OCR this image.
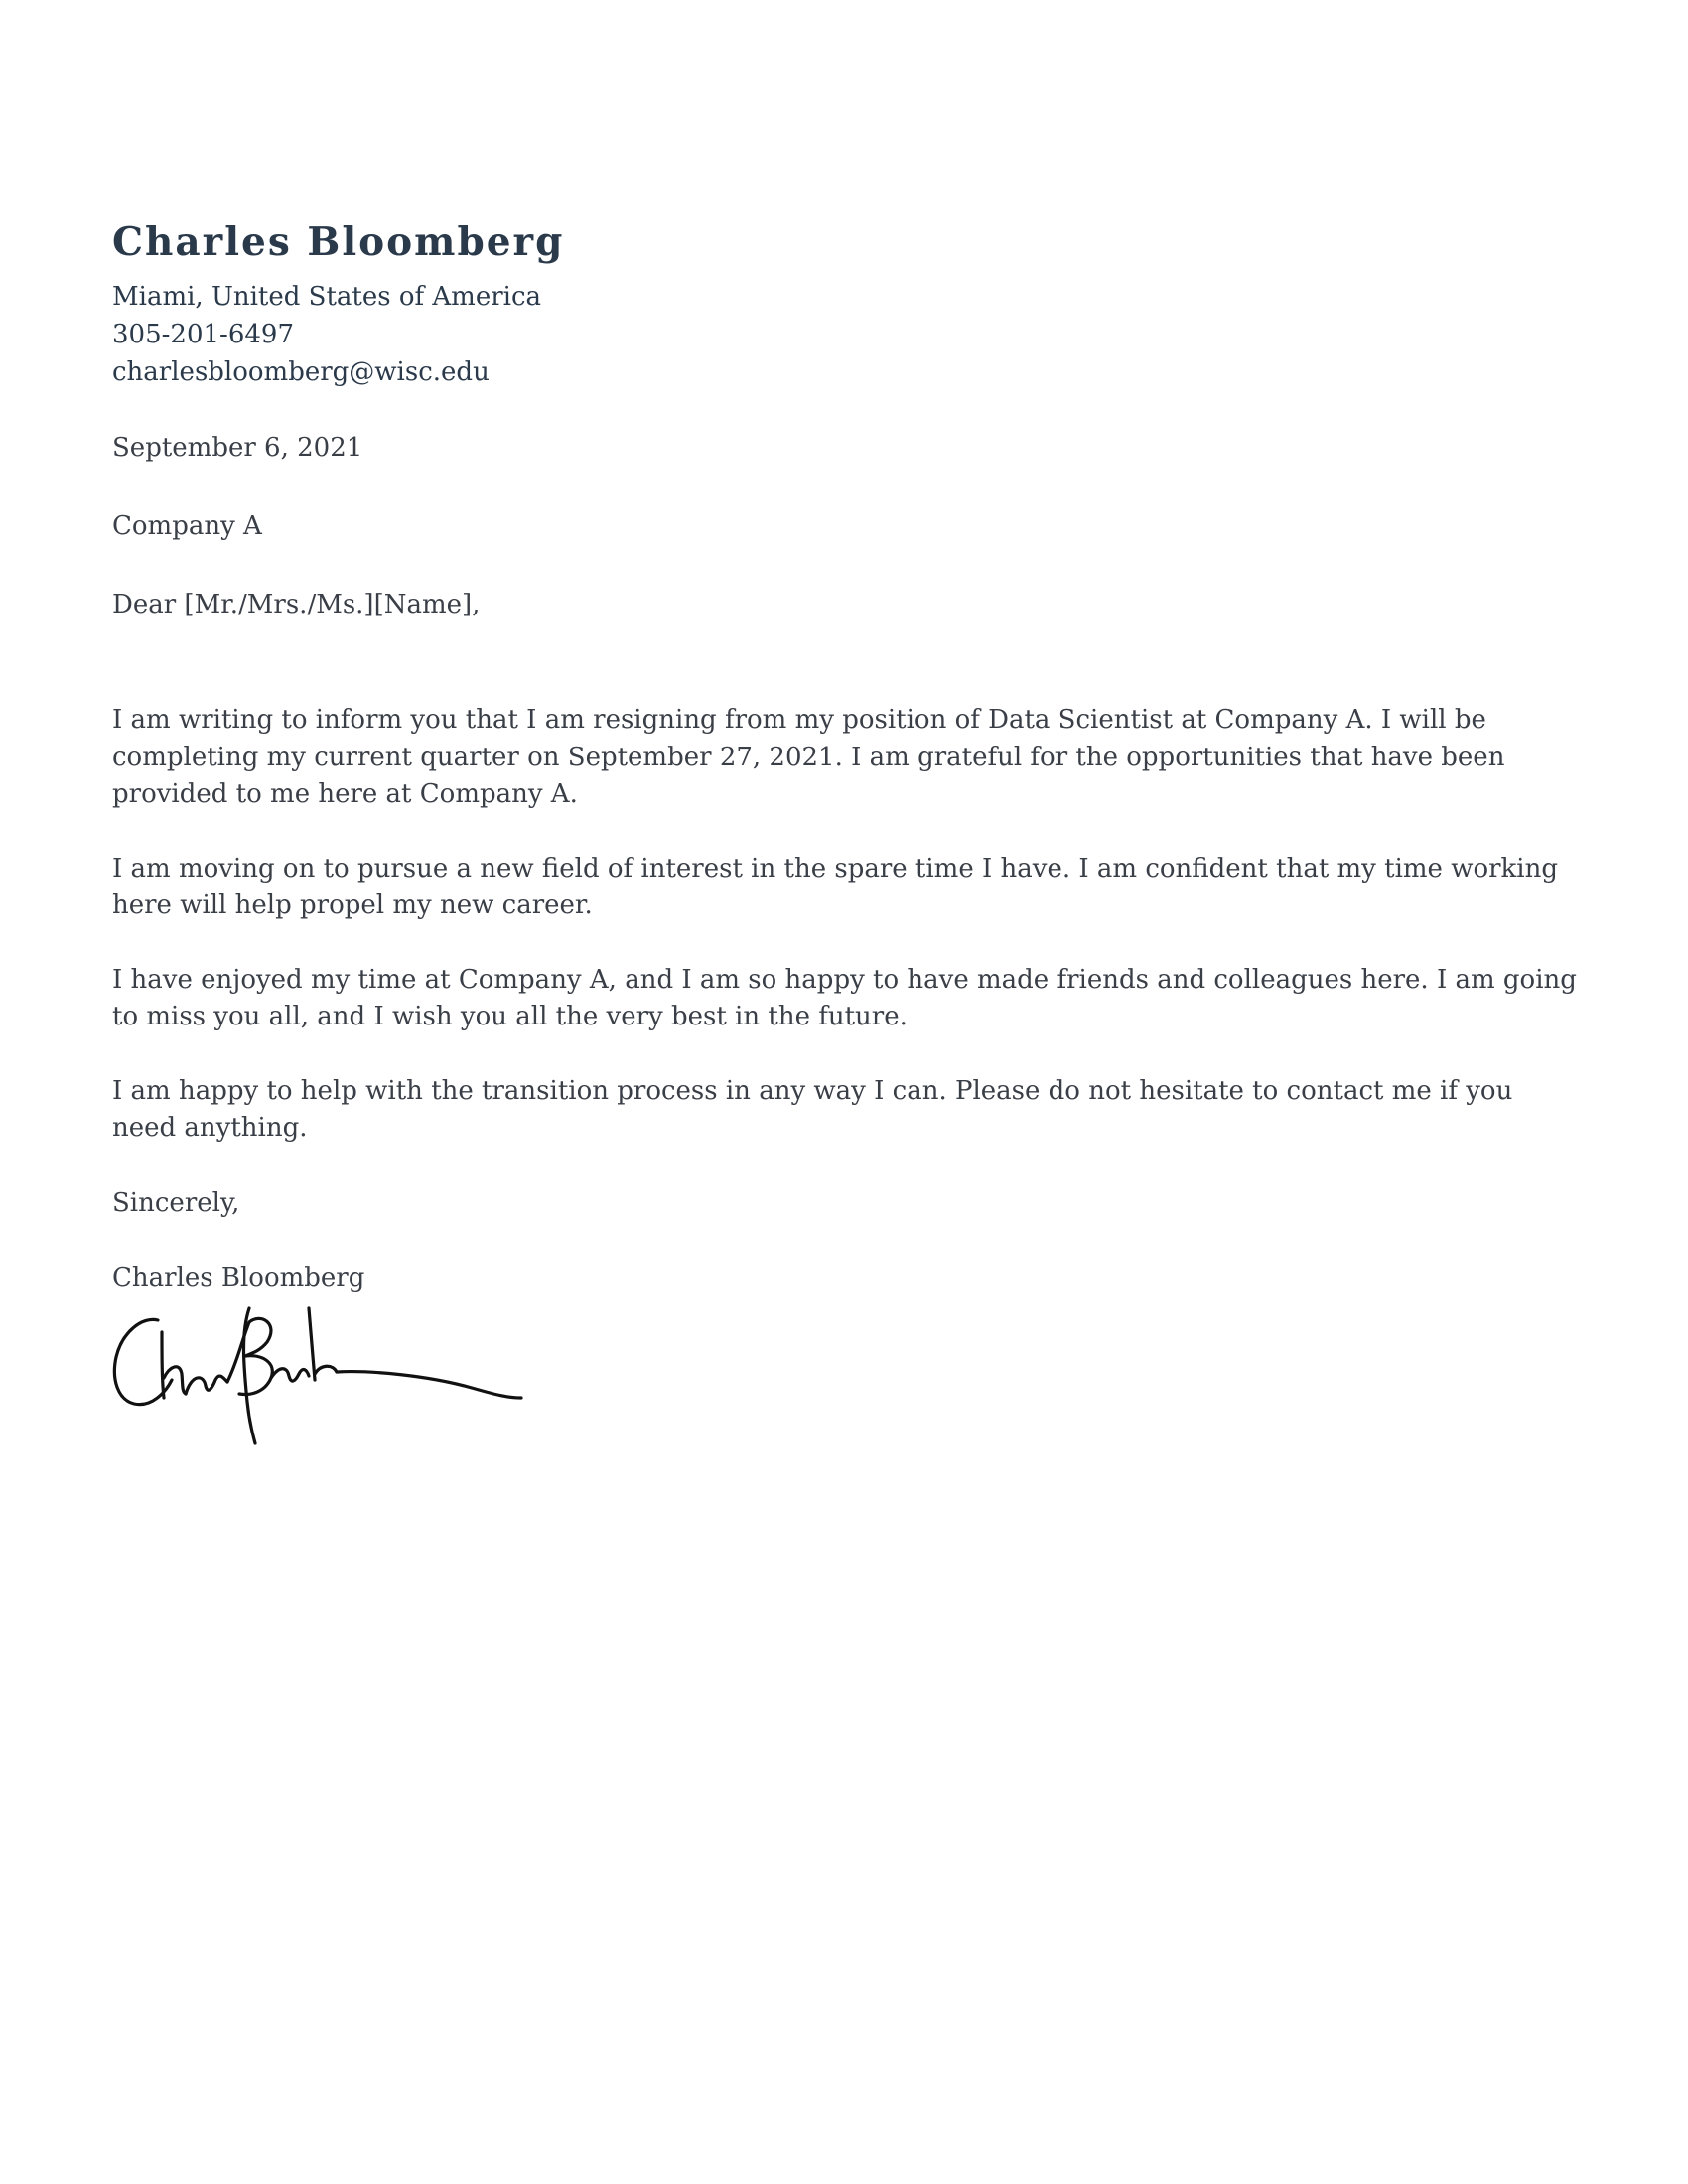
Charles Bloomberg
Miami, United States of America
305-201-6497
charlesbloomberg@wisc.edu
September 6, 2021
Company A
Dear [Mr./Mrs./Ms.][Name],

I am writing to inform you that I am resigning from my position of Data Scientist at Company A. I will be completing my current quarter on September 27, 2021. I am grateful for the opportunities that have been provided to me here at Company A.

I am moving on to pursue a new field of interest in the spare time I have. I am confident that my time working here will help propel my new career.

I have enjoyed my time at Company A, and I am so happy to have made friends and colleagues here. I am going to miss you all, and I wish you all the very best in the future.

I am happy to help with the transition process in any way I can. Please do not hesitate to contact me if you need anything.

Sincerely,
Charles Bloomberg
